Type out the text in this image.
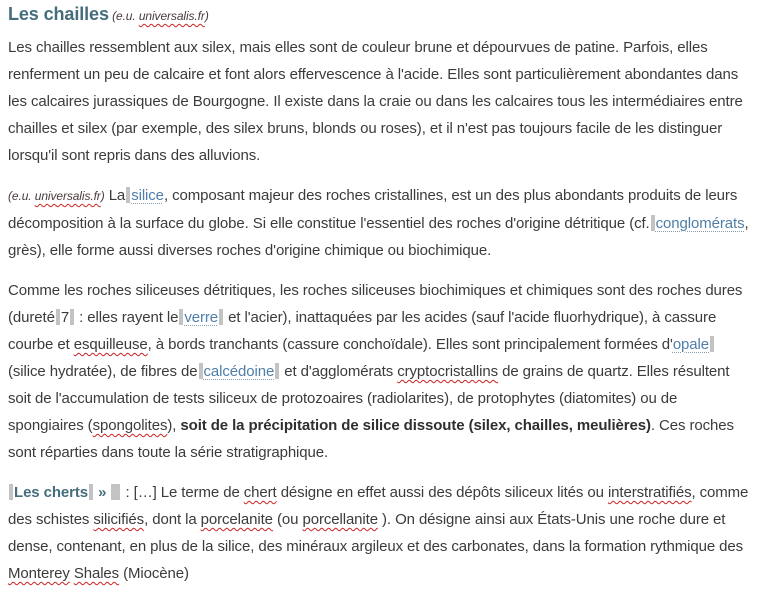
Les chailles (e.u. universalis.fr)
Les chailles ressemblent aux silex, mais elles sont de couleur brune et dépourvues de patine. Parfois, elles renferment un peu de calcaire et font alors effervescence à l'acide. Elles sont particulièrement abondantes dans les calcaires jurassiques de Bourgogne. Il existe dans la craie ou dans les calcaires tous les intermédiaires entre chailles et silex (par exemple, des silex bruns, blonds ou roses), et il n'est pas toujours facile de les distinguer lorsqu'il sont repris dans des alluvions.
(e.u. universalis.fr) La silice, composant majeur des roches cristallines, est un des plus abondants produits de leurs décomposition à la surface du globe. Si elle constitue l'essentiel des roches d'origine détritique (cf. conglomérats, grès), elle forme aussi diverses roches d'origine chimique ou biochimique.
Comme les roches siliceuses détritiques, les roches siliceuses biochimiques et chimiques sont des roches dures (dureté 7 : elles rayent le verre et l'acier), inattaquées par les acides (sauf l'acide fluorhydrique), à cassure courbe et esquilleuse, à bords tranchants (cassure conchoïdale). Elles sont principalement formées d'opale (silice hydratée), de fibres de calcédoine et d'agglomérats cryptocristallins de grains de quartz. Elles résultent soit de l'accumulation de tests siliceux de protozoaires (radiolarites), de protophytes (diatomites) ou de spongiaires (spongolites), soit de la précipitation de silice dissoute (silex, chailles, meulières). Ces roches sont réparties dans toute la série stratigraphique.
Les cherts »  : […] Le terme de chert désigne en effet aussi des dépôts siliceux lités ou interstratifiés, comme des schistes silicifiés, dont la porcelanite (ou porcellanite ). On désigne ainsi aux États-Unis une roche dure et dense, contenant, en plus de la silice, des minéraux argileux et des carbonates, dans la formation rythmique des Monterey Shales (Miocène)
